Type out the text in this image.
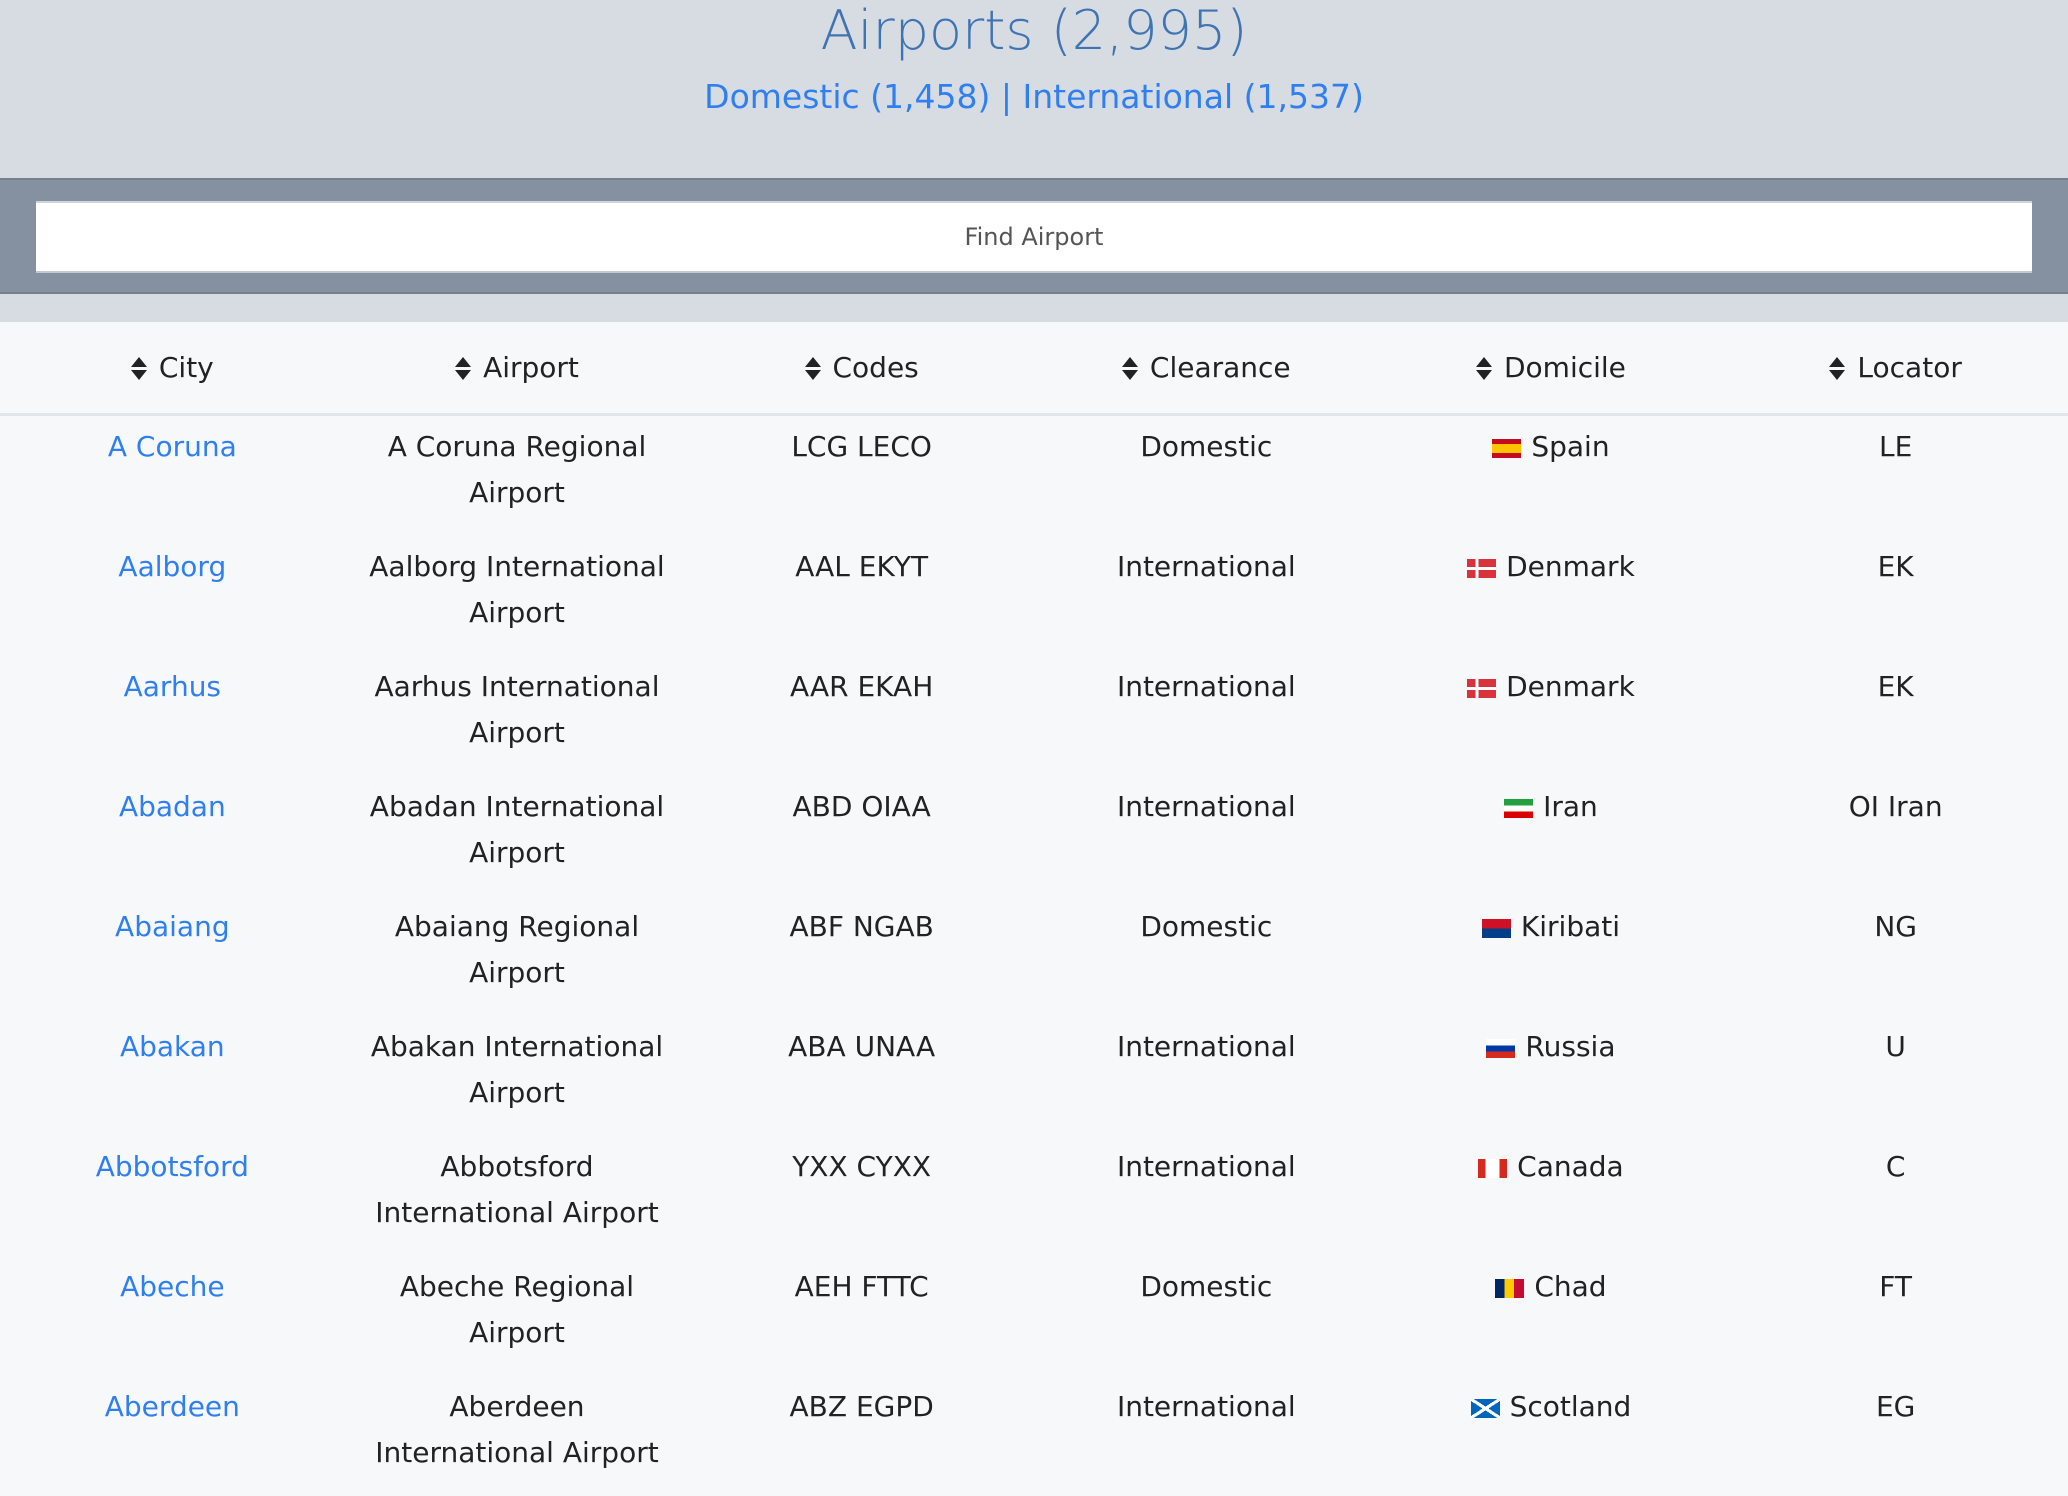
Airports (2,995)
Domestic (1,458) | International (1,537)
Find Airport
City	Airport	Codes	Clearance	Domicile	Locator
A Coruna	A Coruna Regional Airport	LCG LECO	Domestic	Spain	LE
Aalborg	Aalborg International Airport	AAL EKYT	International	Denmark	EK
Aarhus	Aarhus International Airport	AAR EKAH	International	Denmark	EK
Abadan	Abadan International Airport	ABD OIAA	International	Iran	OI Iran
Abaiang	Abaiang Regional Airport	ABF NGAB	Domestic	Kiribati	NG
Abakan	Abakan International Airport	ABA UNAA	International	Russia	U
Abbotsford	Abbotsford International Airport	YXX CYXX	International	Canada	C
Abeche	Abeche Regional Airport	AEH FTTC	Domestic	Chad	FT
Aberdeen	Aberdeen International Airport	ABZ EGPD	International	Scotland	EG
